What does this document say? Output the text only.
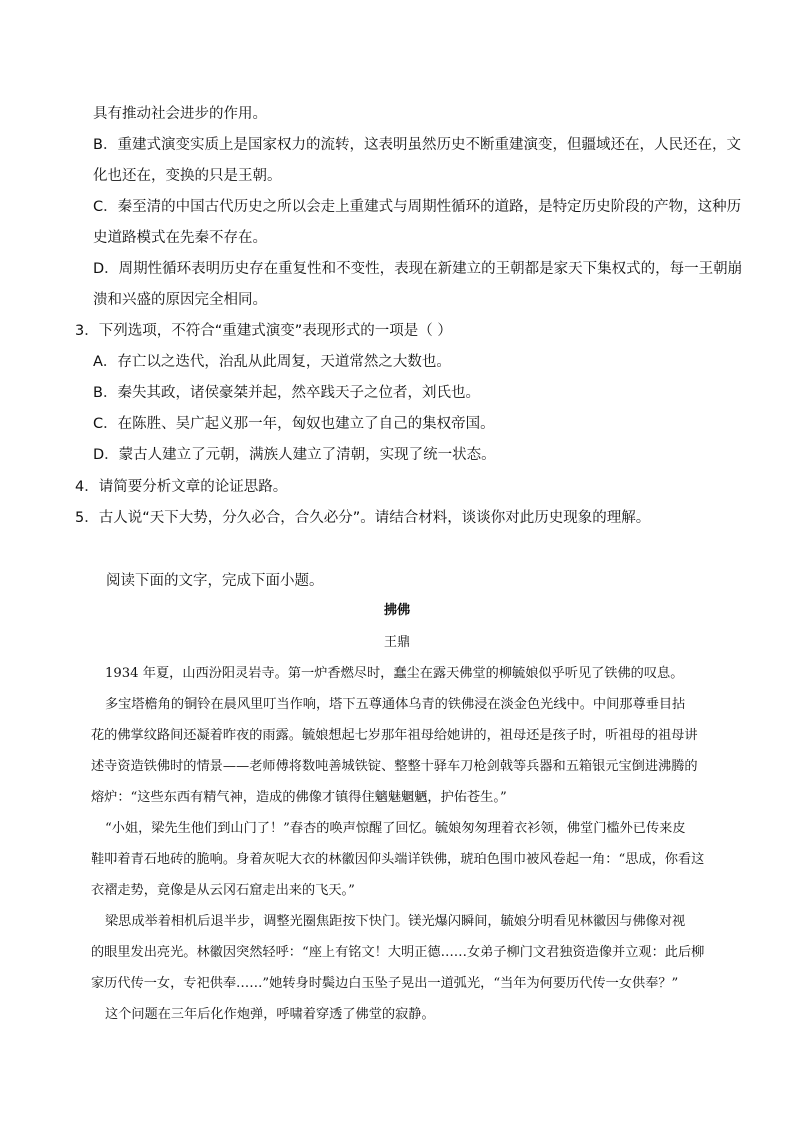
具有推动社会进步的作用。
B．重建式演变实质上是国家权力的流转，这表明虽然历史不断重建演变，但疆域还在，人民还在，文
化也还在，变换的只是王朝。
C．秦至清的中国古代历史之所以会走上重建式与周期性循环的道路，是特定历史阶段的产物，这种历
史道路模式在先秦不存在。
D．周期性循环表明历史存在重复性和不变性，表现在新建立的王朝都是家天下集权式的，每一王朝崩
溃和兴盛的原因完全相同。
3．下列选项，不符合“重建式演变”表现形式的一项是（ ）
A．存亡以之迭代，治乱从此周复，天道常然之大数也。
B．秦失其政，诸侯豪桀并起，然卒践天子之位者，刘氏也。
C．在陈胜、吴广起义那一年，匈奴也建立了自己的集权帝国。
D．蒙古人建立了元朝，满族人建立了清朝，实现了统一状态。
4．请简要分析文章的论证思路。
5．古人说“天下大势，分久必合，合久必分”。请结合材料，谈谈你对此历史现象的理解。
阅读下面的文字，完成下面小题。
拂佛
王鼎
1934 年夏，山西汾阳灵岩寺。第一炉香燃尽时，蠢尘在露天佛堂的柳毓娘似乎听见了铁佛的叹息。
多宝塔檐角的铜铃在晨风里叮当作响，塔下五尊通体乌青的铁佛浸在淡金色光线中。中间那尊垂目拈
花的佛掌纹路间还凝着昨夜的雨露。毓娘想起七岁那年祖母给她讲的，祖母还是孩子时，听祖母的祖母讲
述寺资造铁佛时的情景——老师傅将数吨善城铁锭、整整十驿车刀枪剑戟等兵器和五箱银元宝倒进沸腾的
熔炉：“这些东西有精气神，造成的佛像才镇得住魑魅魍魉，护佑苍生。”
“小姐，梁先生他们到山门了！”春杏的唤声惊醒了回忆。毓娘匆匆理着衣衫领，佛堂门槛外已传来皮
鞋叩着青石地砖的脆响。身着灰呢大衣的林徽因仰头端详铁佛，琥珀色围巾被风卷起一角：“思成，你看这
衣褶走势，竟像是从云冈石窟走出来的飞天。”
梁思成举着相机后退半步，调整光圈焦距按下快门。镁光爆闪瞬间，毓娘分明看见林徽因与佛像对视
的眼里发出亮光。林徽因突然轻呼：“座上有铭文！大明正德……女弟子柳门文君独资造像并立观：此后柳
家历代传一女，专祀供奉……”她转身时鬓边白玉坠子晃出一道弧光，“当年为何要历代传一女供奉？”
这个问题在三年后化作炮弹，呼啸着穿透了佛堂的寂静。
